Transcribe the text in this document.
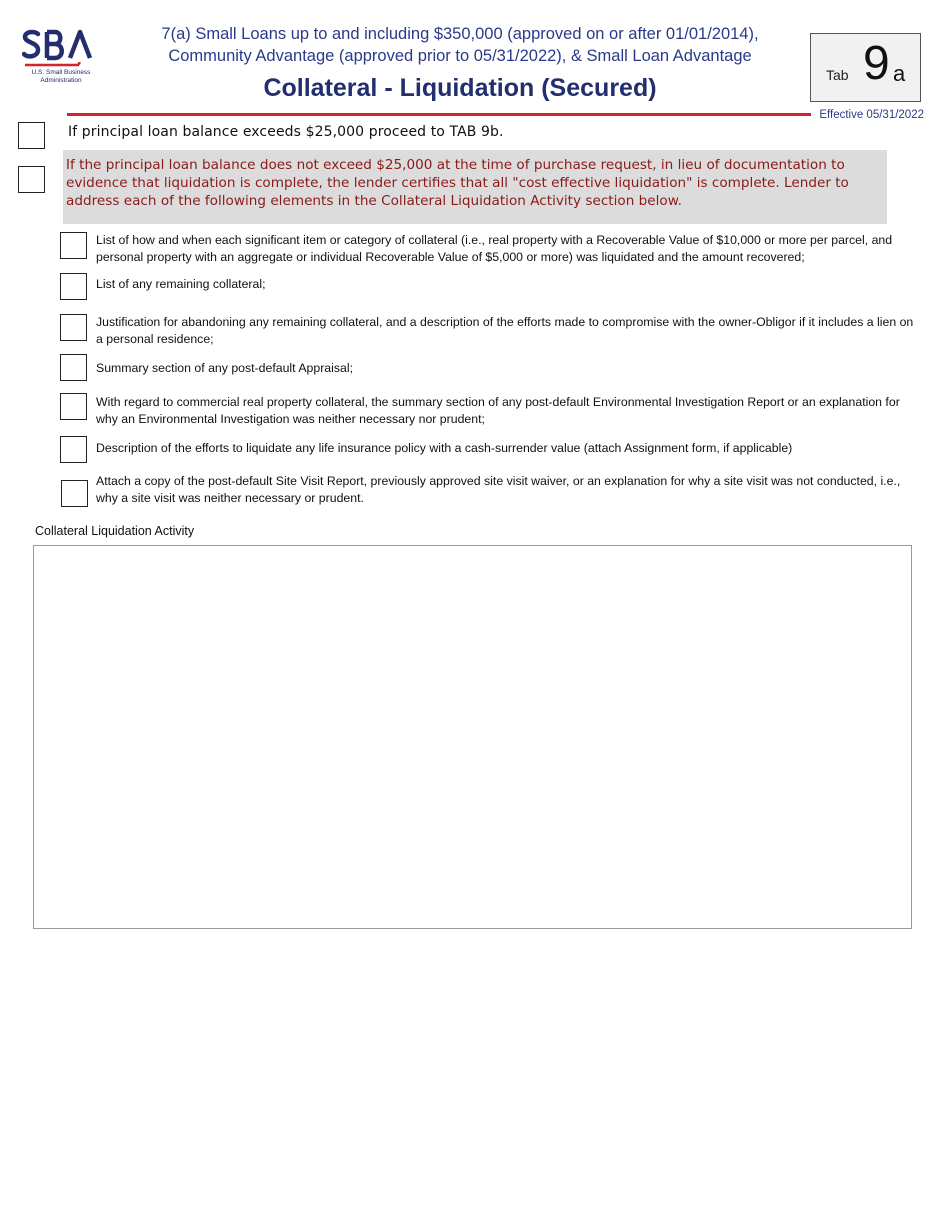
U.S. Small Business Administration
7(a) Small Loans up to and including $350,000 (approved on or after 01/01/2014),
Community Advantage (approved prior to 05/31/2022), & Small Loan Advantage
Collateral - Liquidation (Secured)	Tab 9 a
Effective 05/31/2022
If principal loan balance exceeds $25,000 proceed to TAB 9b.
If the principal loan balance does not exceed $25,000 at the time of purchase request, in lieu of documentation to evidence that liquidation is complete, the lender certifies that all "cost effective liquidation" is complete. Lender to address each of the following elements in the Collateral Liquidation Activity section below.
List of how and when each significant item or category of collateral (i.e., real property with a Recoverable Value of $10,000 or more per parcel, and personal property with an aggregate or individual Recoverable Value of $5,000 or more) was liquidated and the amount recovered;
List of any remaining collateral;
Justification for abandoning any remaining collateral, and a description of the efforts made to compromise with the owner-Obligor if it includes a lien on a personal residence;
Summary section of any post-default Appraisal;
With regard to commercial real property collateral, the summary section of any post-default Environmental Investigation Report or an explanation for why an Environmental Investigation was neither necessary nor prudent;
Description of the efforts to liquidate any life insurance policy with a cash-surrender value (attach Assignment form, if applicable)
Attach a copy of the post-default Site Visit Report, previously approved site visit waiver, or an explanation for why a site visit was not conducted, i.e., why a site visit was neither necessary or prudent.
Collateral Liquidation Activity
